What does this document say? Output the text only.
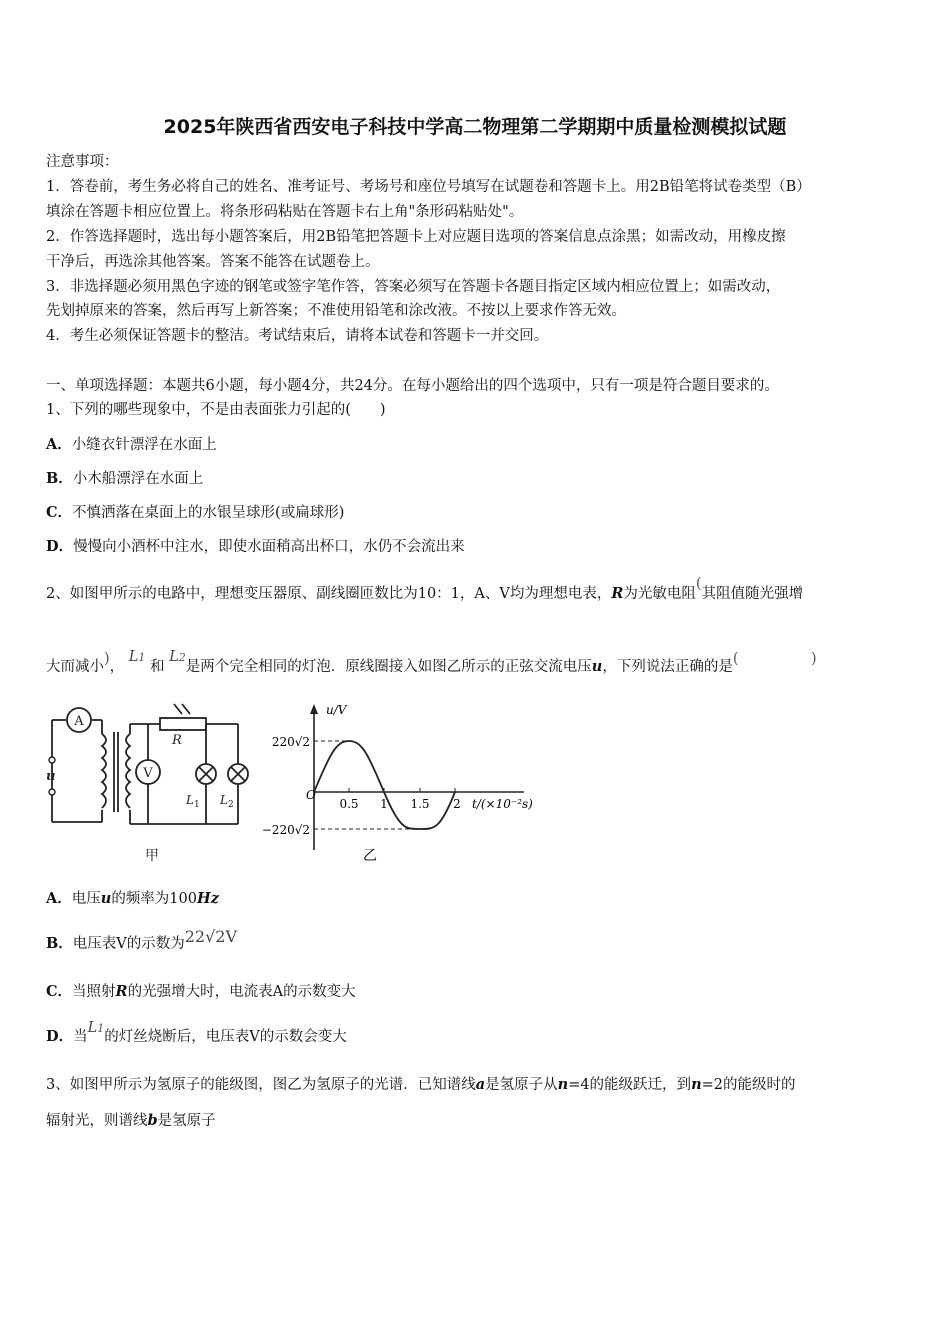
2025年陕西省西安电子科技中学高二物理第二学期期中质量检测模拟试题
注意事项：
1．答卷前，考生务必将自己的姓名、准考证号、考场号和座位号填写在试题卷和答题卡上。用2B铅笔将试卷类型（B）
填涂在答题卡相应位置上。将条形码粘贴在答题卡右上角"条形码粘贴处"。
2．作答选择题时，选出每小题答案后，用2B铅笔把答题卡上对应题目选项的答案信息点涂黑；如需改动，用橡皮擦
干净后，再选涂其他答案。答案不能答在试题卷上。
3．非选择题必须用黑色字迹的钢笔或签字笔作答，答案必须写在答题卡各题目指定区域内相应位置上；如需改动，
先划掉原来的答案，然后再写上新答案；不准使用铅笔和涂改液。不按以上要求作答无效。
4．考生必须保证答题卡的整洁。考试结束后，请将本试卷和答题卡一并交回。
一、单项选择题：本题共6小题，每小题4分，共24分。在每小题给出的四个选项中，只有一项是符合题目要求的。
1、下列的哪些现象中，不是由表面张力引起的(　　)
A．小缝衣针漂浮在水面上
B．小木船漂浮在水面上
C．不慎洒落在桌面上的水银呈球形(或扁球形)
D．慢慢向小酒杯中注水，即使水面稍高出杯口，水仍不会流出来
2、如图甲所示的电路中，理想变压器原、副线圈匝数比为10：1，A、V均为理想电表，R为光敏电阻(其阻值随光强增
大而减小)， L1 和 L2是两个完全相同的灯泡．原线圈接入如图乙所示的正弦交流电压u，下列说法正确的是(　　　　　)
A
V
R
u
$L_1$ $L_2$
甲
u/V
220√2
−220√2
O
0.5 1 1.5 2 t/(×10⁻²s)
乙
A．电压u的频率为100Hz
B．电压表V的示数为22√2V
C．当照射R的光强增大时，电流表A的示数变大
D．当L1的灯丝烧断后，电压表V的示数会变大
3、如图甲所示为氢原子的能级图，图乙为氢原子的光谱．已知谱线a是氢原子从n=4的能级跃迁，到n=2的能级时的
辐射光，则谱线b是氢原子
